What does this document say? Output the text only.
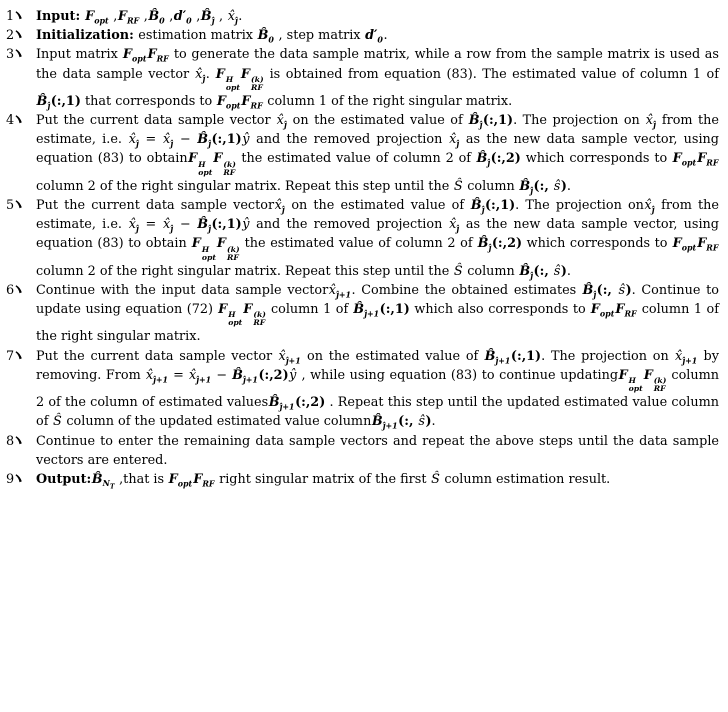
1	Input: $F_{opt}$ $,F_{RF}$ $,B̂_0$ $,d'_0$ $,B̂_ĵ$ , $x̂_ĵ$.
2	Initialization: estimation matrix $B̂_0$ , step matrix $d'_0$.
3	Input matrix $F_{opt}F_{RF}$ to generate the data sample matrix, while a row from the sample matrix is used as the data sample vector $x̂_ĵ$. F H
opt
F (k)
RF
is obtained from equation (83). The estimated value of column 1 of $B̂_ĵ(:,1)$ that corresponds to $F_{opt}F_{RF}$ column 1 of the right singular matrix.
4	Put the current data sample vector $x̂_ĵ$ on the estimated value of $B̂_ĵ(:,1)$. The projection on $x̂_ĵ$ from the estimate, i.e. $x̂_ĵ$ = $x̂_ĵ$ − $B̂_ĵ(:,1)ŷ$ and the removed projection $x̂_ĵ$ as the new data sample vector, using equation (83) to obtainF H
opt
F (k)
RF
the estimated value of column 2 of $B̂_ĵ(:,2)$ which corresponds to $F_{opt}F_{RF}$ column 2 of the right singular matrix. Repeat this step until the Ŝ column $B̂_ĵ$(:, ŝ).
5	Put the current data sample $vectorx̂_ĵ$ on the estimated value of $B̂_ĵ(:,1)$. The projection $onx̂_ĵ$ from the estimate, i.e. $x̂_ĵ$ = $x̂_ĵ$ − $B̂_ĵ(:,1)ŷ$ and the removed projection $x̂_ĵ$ as the new data sample vector, using equation (83) to obtain F H
opt
F (k)
RF
the estimated value of column 2 of $B̂_ĵ(:,2)$ which corresponds to $F_{opt}F_{RF}$ column 2 of the right singular matrix. Repeat this step until the Ŝ column $B̂_ĵ$(:, ŝ).
6	Continue with the input data sample $vectorx̂_{ĵ+1}$. Combine the obtained estimates $B̂_ĵ$(:, ŝ). Continue to update using equation (72) F H
opt
F (k)
RF
column 1 of $B̂_{ĵ+1}(:,1)$ which also corresponds to $F_{opt}F_{RF}$ column 1 of the right singular matrix.
7	Put the current data sample vector $x̂_{ĵ+1}$ on the estimated value of $B̂_{ĵ+1}(:,1)$. The projection on $x̂_{ĵ+1}$ by removing. From $x̂_{ĵ+1}$ = $x̂_{ĵ+1}$ − $B̂_{ĵ+1}(:,2)ŷ$ , while using equation (83) to continue updatingF H
opt
F (k)
RF
column 2 of the column of estimated $valuesB̂_{ĵ+1}(:,2)$ . Repeat this step until the updated estimated value column of Ŝ column of the updated estimated value $columnB̂_{ĵ+1}$(:, ŝ).
8	Continue to enter the remaining data sample vectors and repeat the above steps until the data sample vectors are entered.
9	$Output:B̂_{N_T}$ ,that is $F_{opt}F_{RF}$ right singular matrix of the first Ŝ column estimation result.
